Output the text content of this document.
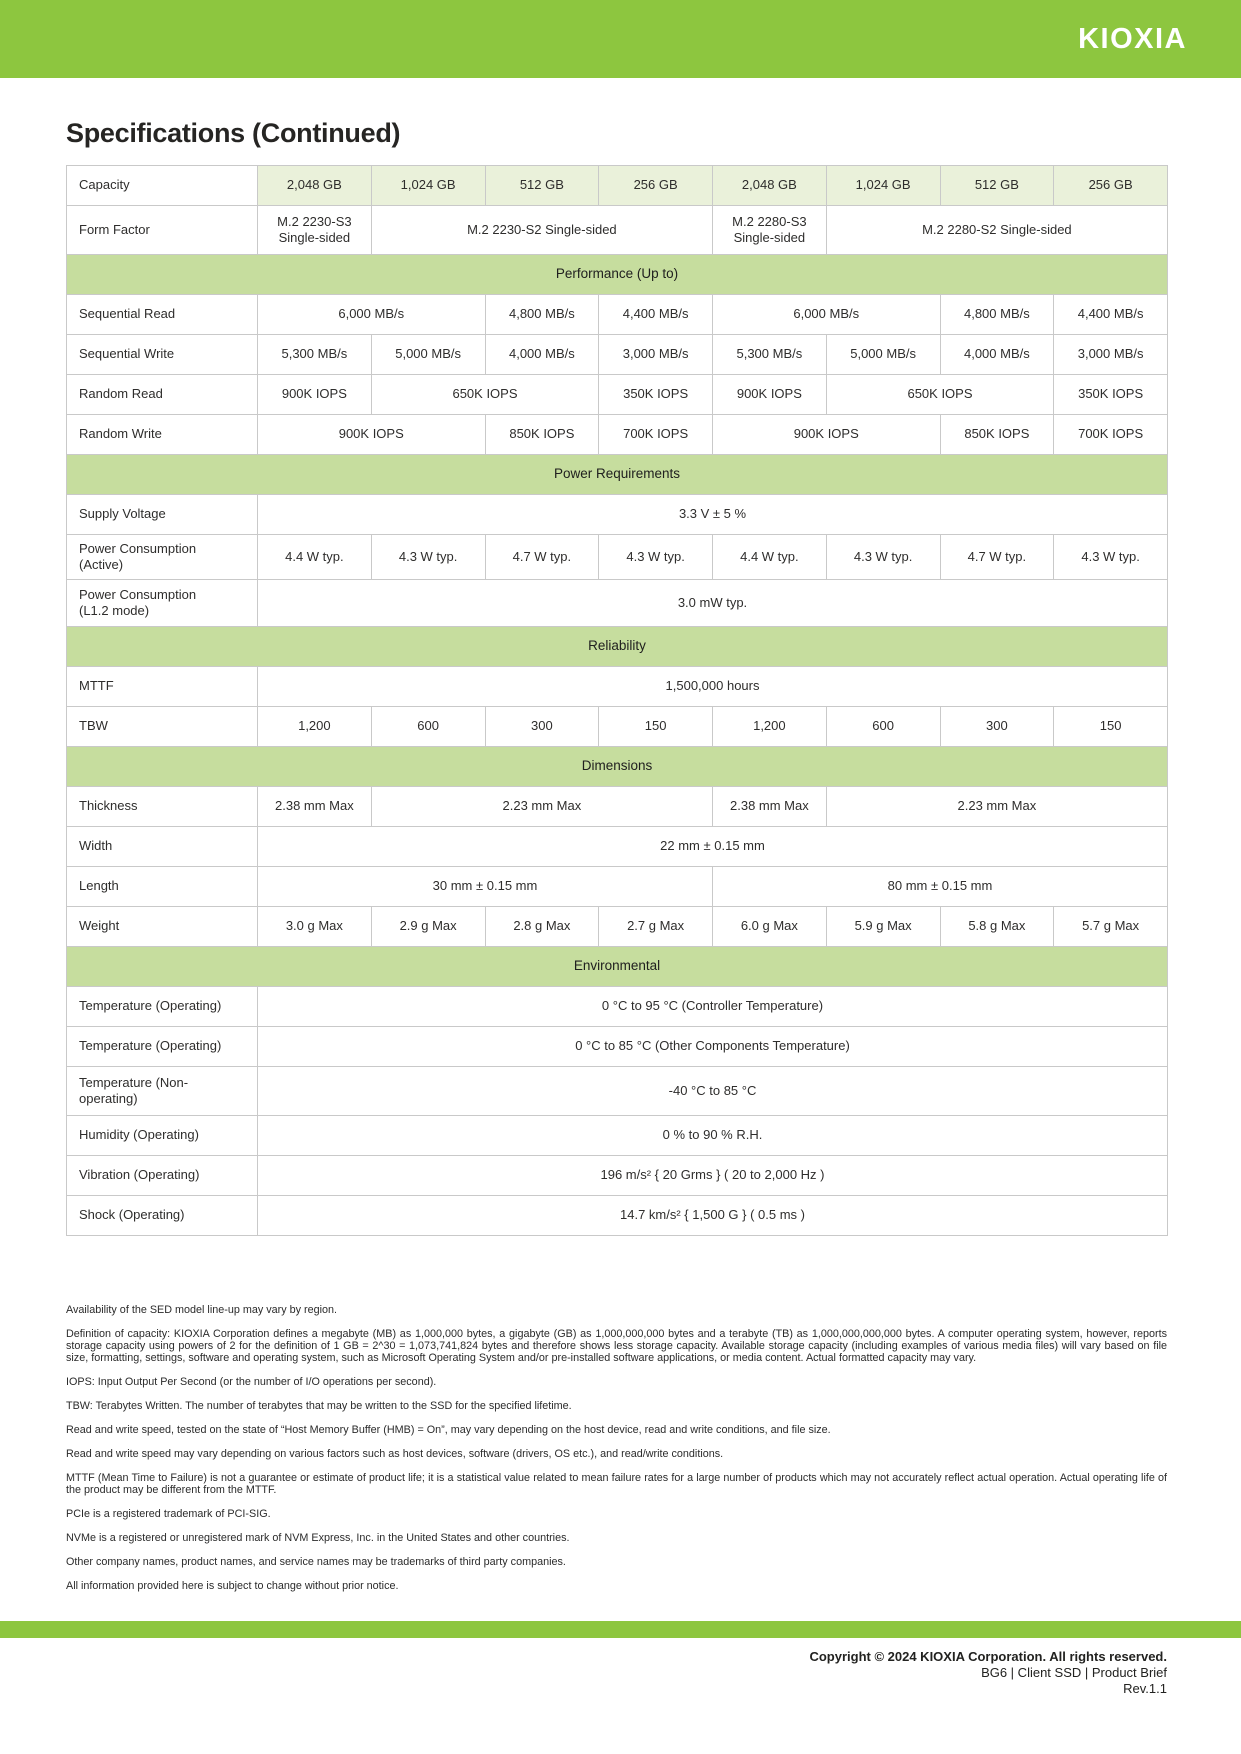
KIOXIA
Specifications (Continued)
Capacity	2,048 GB	1,024 GB	512 GB	256 GB	2,048 GB	1,024 GB	512 GB	256 GB
Form Factor	M.2 2230-S3 Single-sided	M.2 2230-S2 Single-sided			M.2 2280-S3 Single-sided	M.2 2280-S2 Single-sided		
Performance (Up to)								
Sequential Read	6,000 MB/s		4,800 MB/s	4,400 MB/s	6,000 MB/s		4,800 MB/s	4,400 MB/s
Sequential Write	5,300 MB/s	5,000 MB/s	4,000 MB/s	3,000 MB/s	5,300 MB/s	5,000 MB/s	4,000 MB/s	3,000 MB/s
Random Read	900K IOPS	650K IOPS		350K IOPS	900K IOPS	650K IOPS		350K IOPS
Random Write	900K IOPS		850K IOPS	700K IOPS	900K IOPS		850K IOPS	700K IOPS
Power Requirements								
Supply Voltage	3.3 V ± 5 %							
Power Consumption (Active)	4.4 W typ.	4.3 W typ.	4.7 W typ.	4.3 W typ.	4.4 W typ.	4.3 W typ.	4.7 W typ.	4.3 W typ.
Power Consumption (L1.2 mode)	3.0 mW typ.							
Reliability								
MTTF	1,500,000 hours							
TBW	1,200	600	300	150	1,200	600	300	150
Dimensions								
Thickness	2.38 mm Max	2.23 mm Max			2.38 mm Max	2.23 mm Max		
Width	22 mm ± 0.15 mm							
Length	30 mm ± 0.15 mm				80 mm ± 0.15 mm			
Weight	3.0 g Max	2.9 g Max	2.8 g Max	2.7 g Max	6.0 g Max	5.9 g Max	5.8 g Max	5.7 g Max
Environmental								
Temperature (Operating)	0 °C to 95 °C (Controller Temperature)							
Temperature (Operating)	0 °C to 85 °C (Other Components Temperature)							
Temperature (Non-operating)	-40 °C to 85 °C							
Humidity (Operating)	0 % to 90 % R.H.							
Vibration (Operating)	196 m/s² { 20 Grms } ( 20 to 2,000 Hz )							
Shock (Operating)	14.7 km/s² { 1,500 G } ( 0.5 ms )							

Availability of the SED model line-up may vary by region.

Definition of capacity: KIOXIA Corporation defines a megabyte (MB) as 1,000,000 bytes, a gigabyte (GB) as 1,000,000,000 bytes and a terabyte (TB) as 1,000,000,000,000 bytes. A computer operating system, however, reports storage capacity using powers of 2 for the definition of 1 GB = 2^30 = 1,073,741,824 bytes and therefore shows less storage capacity. Available storage capacity (including examples of various media files) will vary based on file size, formatting, settings, software and operating system, such as Microsoft Operating System and/or pre-installed software applications, or media content. Actual formatted capacity may vary.

IOPS: Input Output Per Second (or the number of I/O operations per second).

TBW: Terabytes Written. The number of terabytes that may be written to the SSD for the specified lifetime.

Read and write speed, tested on the state of “Host Memory Buffer (HMB) = On”, may vary depending on the host device, read and write conditions, and file size.

Read and write speed may vary depending on various factors such as host devices, software (drivers, OS etc.), and read/write conditions.

MTTF (Mean Time to Failure) is not a guarantee or estimate of product life; it is a statistical value related to mean failure rates for a large number of products which may not accurately reflect actual operation. Actual operating life of the product may be different from the MTTF.

PCIe is a registered trademark of PCI-SIG.

NVMe is a registered or unregistered mark of NVM Express, Inc. in the United States and other countries.

Other company names, product names, and service names may be trademarks of third party companies.

All information provided here is subject to change without prior notice.

Copyright © 2024 KIOXIA Corporation. All rights reserved.
BG6 | Client SSD | Product Brief
Rev.1.1
